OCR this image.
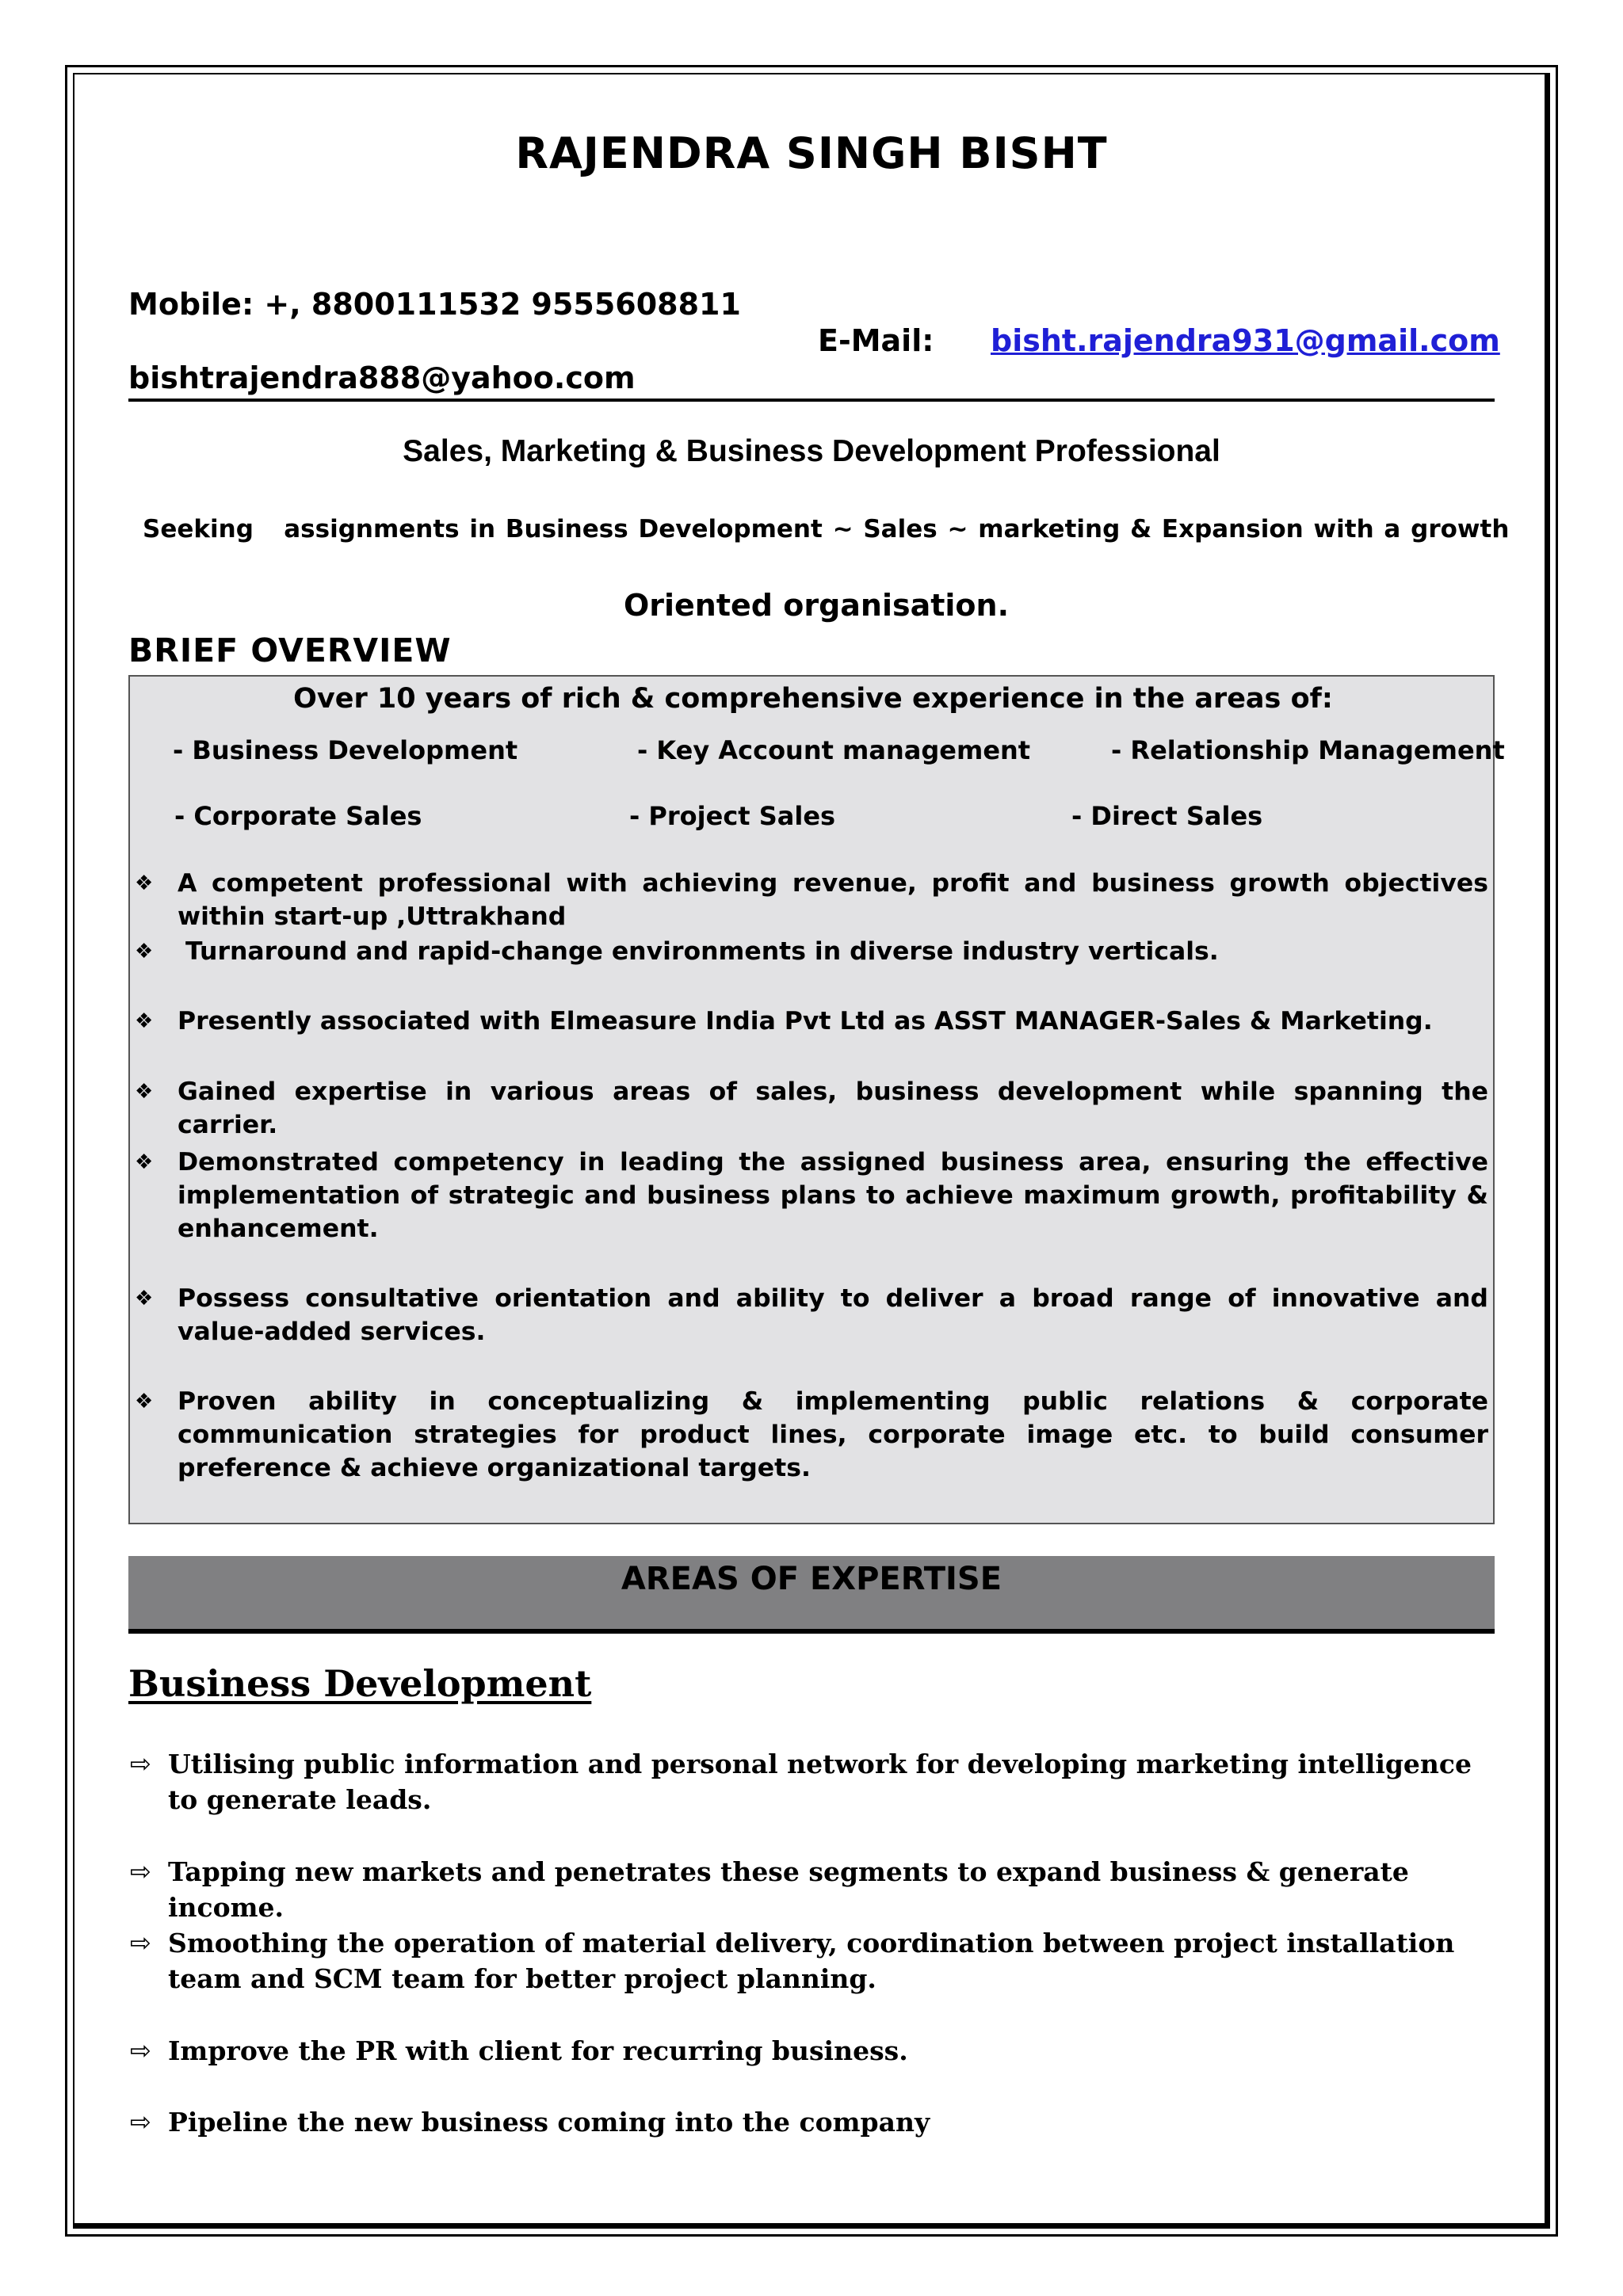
RAJENDRA SINGH BISHT
Mobile: +, 8800111532 9555608811
E-Mail: bisht.rajendra931@gmail.com
bishtrajendra888@yahoo.com
Sales, Marketing & Business Development Professional
Seeking   assignments in Business Development ~ Sales ~ marketing & Expansion with a growth
Oriented organisation.
BRIEF OVERVIEW
Over 10 years of rich & comprehensive experience in the areas of:
- Business Development	- Key Account management	- Relationship Management
- Corporate Sales	- Project Sales	- Direct Sales
❖ A competent professional with achieving revenue, profit and business growth objectives within start-up ,Uttrakhand
❖ Turnaround and rapid-change environments in diverse industry verticals.
❖ Presently associated with Elmeasure India Pvt Ltd as ASST MANAGER-Sales & Marketing.
❖ Gained expertise in various areas of sales, business development while spanning the carrier.
❖ Demonstrated competency in leading the assigned business area, ensuring the effective implementation of strategic and business plans to achieve maximum growth, profitability & enhancement.
❖ Possess consultative orientation and ability to deliver a broad range of innovative and value-added services.
❖ Proven ability in conceptualizing & implementing public relations & corporate communication strategies for product lines, corporate image etc. to build consumer preference & achieve organizational targets.
AREAS OF EXPERTISE
Business Development
⇨ Utilising public information and personal network for developing marketing intelligence to generate leads.
⇨ Tapping new markets and penetrates these segments to expand business & generate income.
⇨ Smoothing the operation of material delivery, coordination between project installation team and SCM team for better project planning.
⇨ Improve the PR with client for recurring business.
⇨ Pipeline the new business coming into the company
